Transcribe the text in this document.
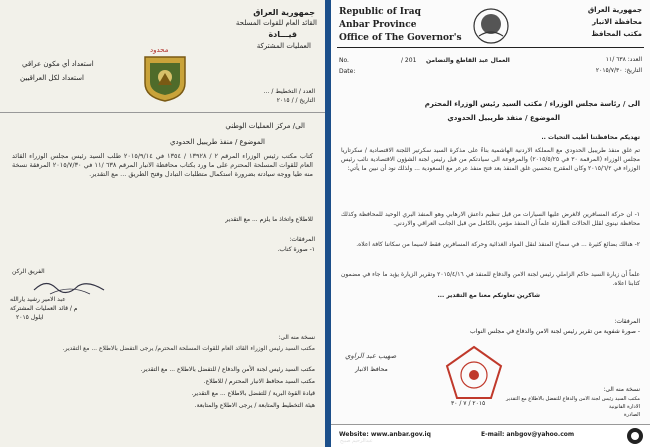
جمهورية العراق
القائد العام للقوات المسلحة
قيـــادة
العمليات المشتركة
محدود
استعداد أي مكون عراقي
استعداد لكل العراقيين
العدد / التخطيط / ...
التاريخ / / ٢٠١٥
الى/ مركز العمليات الوطني
الموضوع / منفذ طريبيل الحدودي
كتاب مكتب رئيس الوزراء المرقم ٢ / ١٣٩٢٨ / ١٣٥٤ في ٢٠١٥/٩/١٤ طلب السيد رئيس مجلس الوزراء القائد العام للقوات المسلحة المحترم على ما ورد بكتاب محافظة الانبار المرقم ٦٣٨ /١١ في ٢٠١٥/٧/٣٠ المرفقة نسخة منه طيا ووجه سيادته بضرورة استكمال متطلبات التبادل وفتح الطريق ... مع التقدير.
للاطلاع واتخاذ ما يلزم ... مع التقدير
المرفقات:
١- صورة كتاب.
الفريق الركن
عبد الامير رشيد يارالله
م / قائد العمليات المشتركة
ايلول ٢٠١٥
نسخة منه الى:
مكتب السيد رئيس الوزراء القائد العام للقوات المسلحة المحترم/ يرجى التفضل بالاطلاع ... مع التقدير.
مكتب السيد رئيس لجنة الأمن والدفاع / للتفضل بالاطلاع ... مع التقدير.
مكتب السيد محافظ الانبار المحترم / للاطلاع.
قيادة القوة البرية / للتفضل بالاطلاع ... مع التقدير.
هيئة التخطيط والمتابعة / يرجى الاطلاع والمتابعة.
Republic of Iraq
Anbar Province
Office of The Governor's
جمهورية العراق
محافظة الانبار
مكتب المحافظ
No.	/ 201
Date:
العمال عبد القاطع والتضامن	العدد: ٦٣٨ /١١
التاريخ: ٢٠١٥/٧/٣٠
الى / رئاسة مجلس الوزراء / مكتب السيد رئيس الوزراء المحترم
الموضوع / منفذ طريبيل الحدودي
تهديكم محافظتنا أطيب التحيات ..
تم غلق منفذ طريبيل الحدودي مع المملكة الاردنية الهاشمية بناءً على مذكرة السيد سكرتير اللجنة الاقتصادية / سكرتاريا مجلس الوزراء (المرقمة ٣٠ في ٢٠١٥/٥/٢٥) والمرفوعة الى سيادتكم من قبل رئيس لجنة الشؤون الاقتصادية نائب رئيس الوزراء في ٢٠١٥/٦/٢ وكان المقترح بتحسين غلق المنفذ بعد فتح منفذ عرعر مع السعودية ... ولذلك نود أن نبين ما يأتي:
١- ان حركة المسافرين لالغرض عليها السيارات من قبل تنظيم داعش الارهابي وهو المنفذ البري الوحيد للمحافظة وكذلك محافظة نينوى لقلل الحالات الطارئة علماً أن المنفذ مؤمن بالكامل من قبل الجانب العراقي والاردني.
٢- هنالك بضائع كثيرة ... في سماح المنفذ لنقل المواد الغذائية وحركة المسافرين فقط لاسيما من سكاننا كافة اعلاه.
علماً أن زيارة السيد حاكم الزاملي رئيس لجنة الامن والدفاع للمنفذ في ٢٠١٥/٤/١٦ وتقرير الزيارة يؤيد ما جاء في مضمون كتابنا اعلاه.
شاكرين تعاونكم معنا مع التقدير ...
المرفقات:
- صورة شفوية من تقرير رئيس لجنة الامن والدفاع في مجلس النواب
صهيب عبد الراوي
محافظ الانبار
٢٠١٥ / ٧ / ٣٠
نسخة منه الى:
مكتب السيد رئيس لجنة الامن والدفاع للتفضل بالاطلاع مع التقدير
الادارة القانونية
الصادرة
Website: www.anbar.gov.iq	E-mail: anbgov@yahoo.com
عبدالرحيم صبيح
